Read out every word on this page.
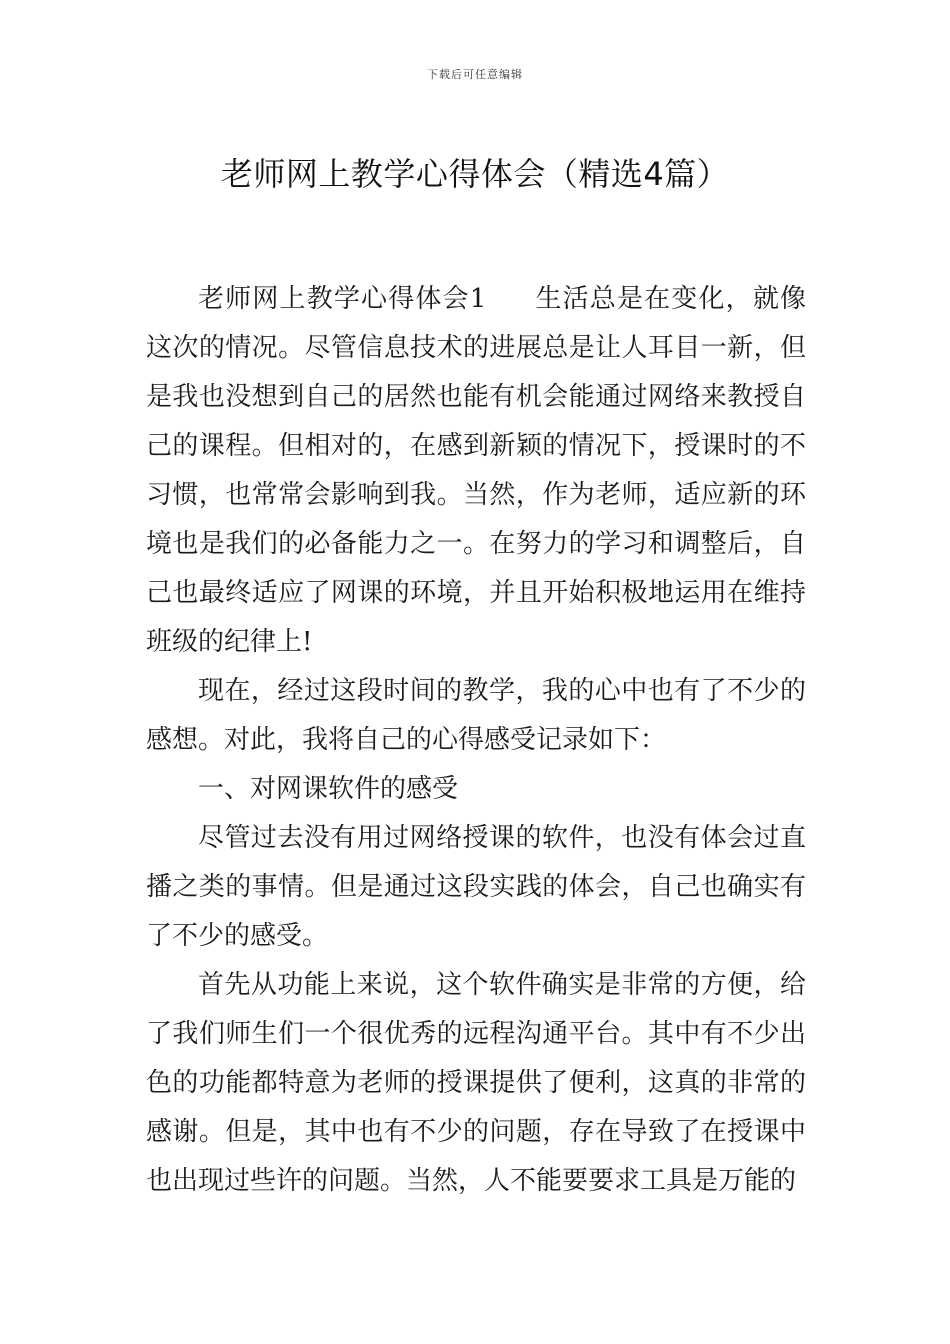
下载后可任意编辑
老师网上教学心得体会（精选4篇）

老师网上教学心得体会1 生活总是在变化，就像这次的情况。尽管信息技术的进展总是让人耳目一新，但是我也没想到自己的居然也能有机会能通过网络来教授自己的课程。但相对的，在感到新颖的情况下，授课时的不习惯，也常常会影响到我。当然，作为老师，适应新的环境也是我们的必备能力之一。在努力的学习和调整后，自己也最终适应了网课的环境，并且开始积极地运用在维持班级的纪律上!

现在，经过这段时间的教学，我的心中也有了不少的感想。对此，我将自己的心得感受记录如下：

一、对网课软件的感受

尽管过去没有用过网络授课的软件，也没有体会过直播之类的事情。但是通过这段实践的体会，自己也确实有了不少的感受。

首先从功能上来说，这个软件确实是非常的方便，给了我们师生们一个很优秀的远程沟通平台。其中有不少出色的功能都特意为老师的授课提供了便利，这真的非常的感谢。但是，其中也有不少的问题，存在导致了在授课中也出现过些许的问题。当然，人不能要要求工具是万能的
